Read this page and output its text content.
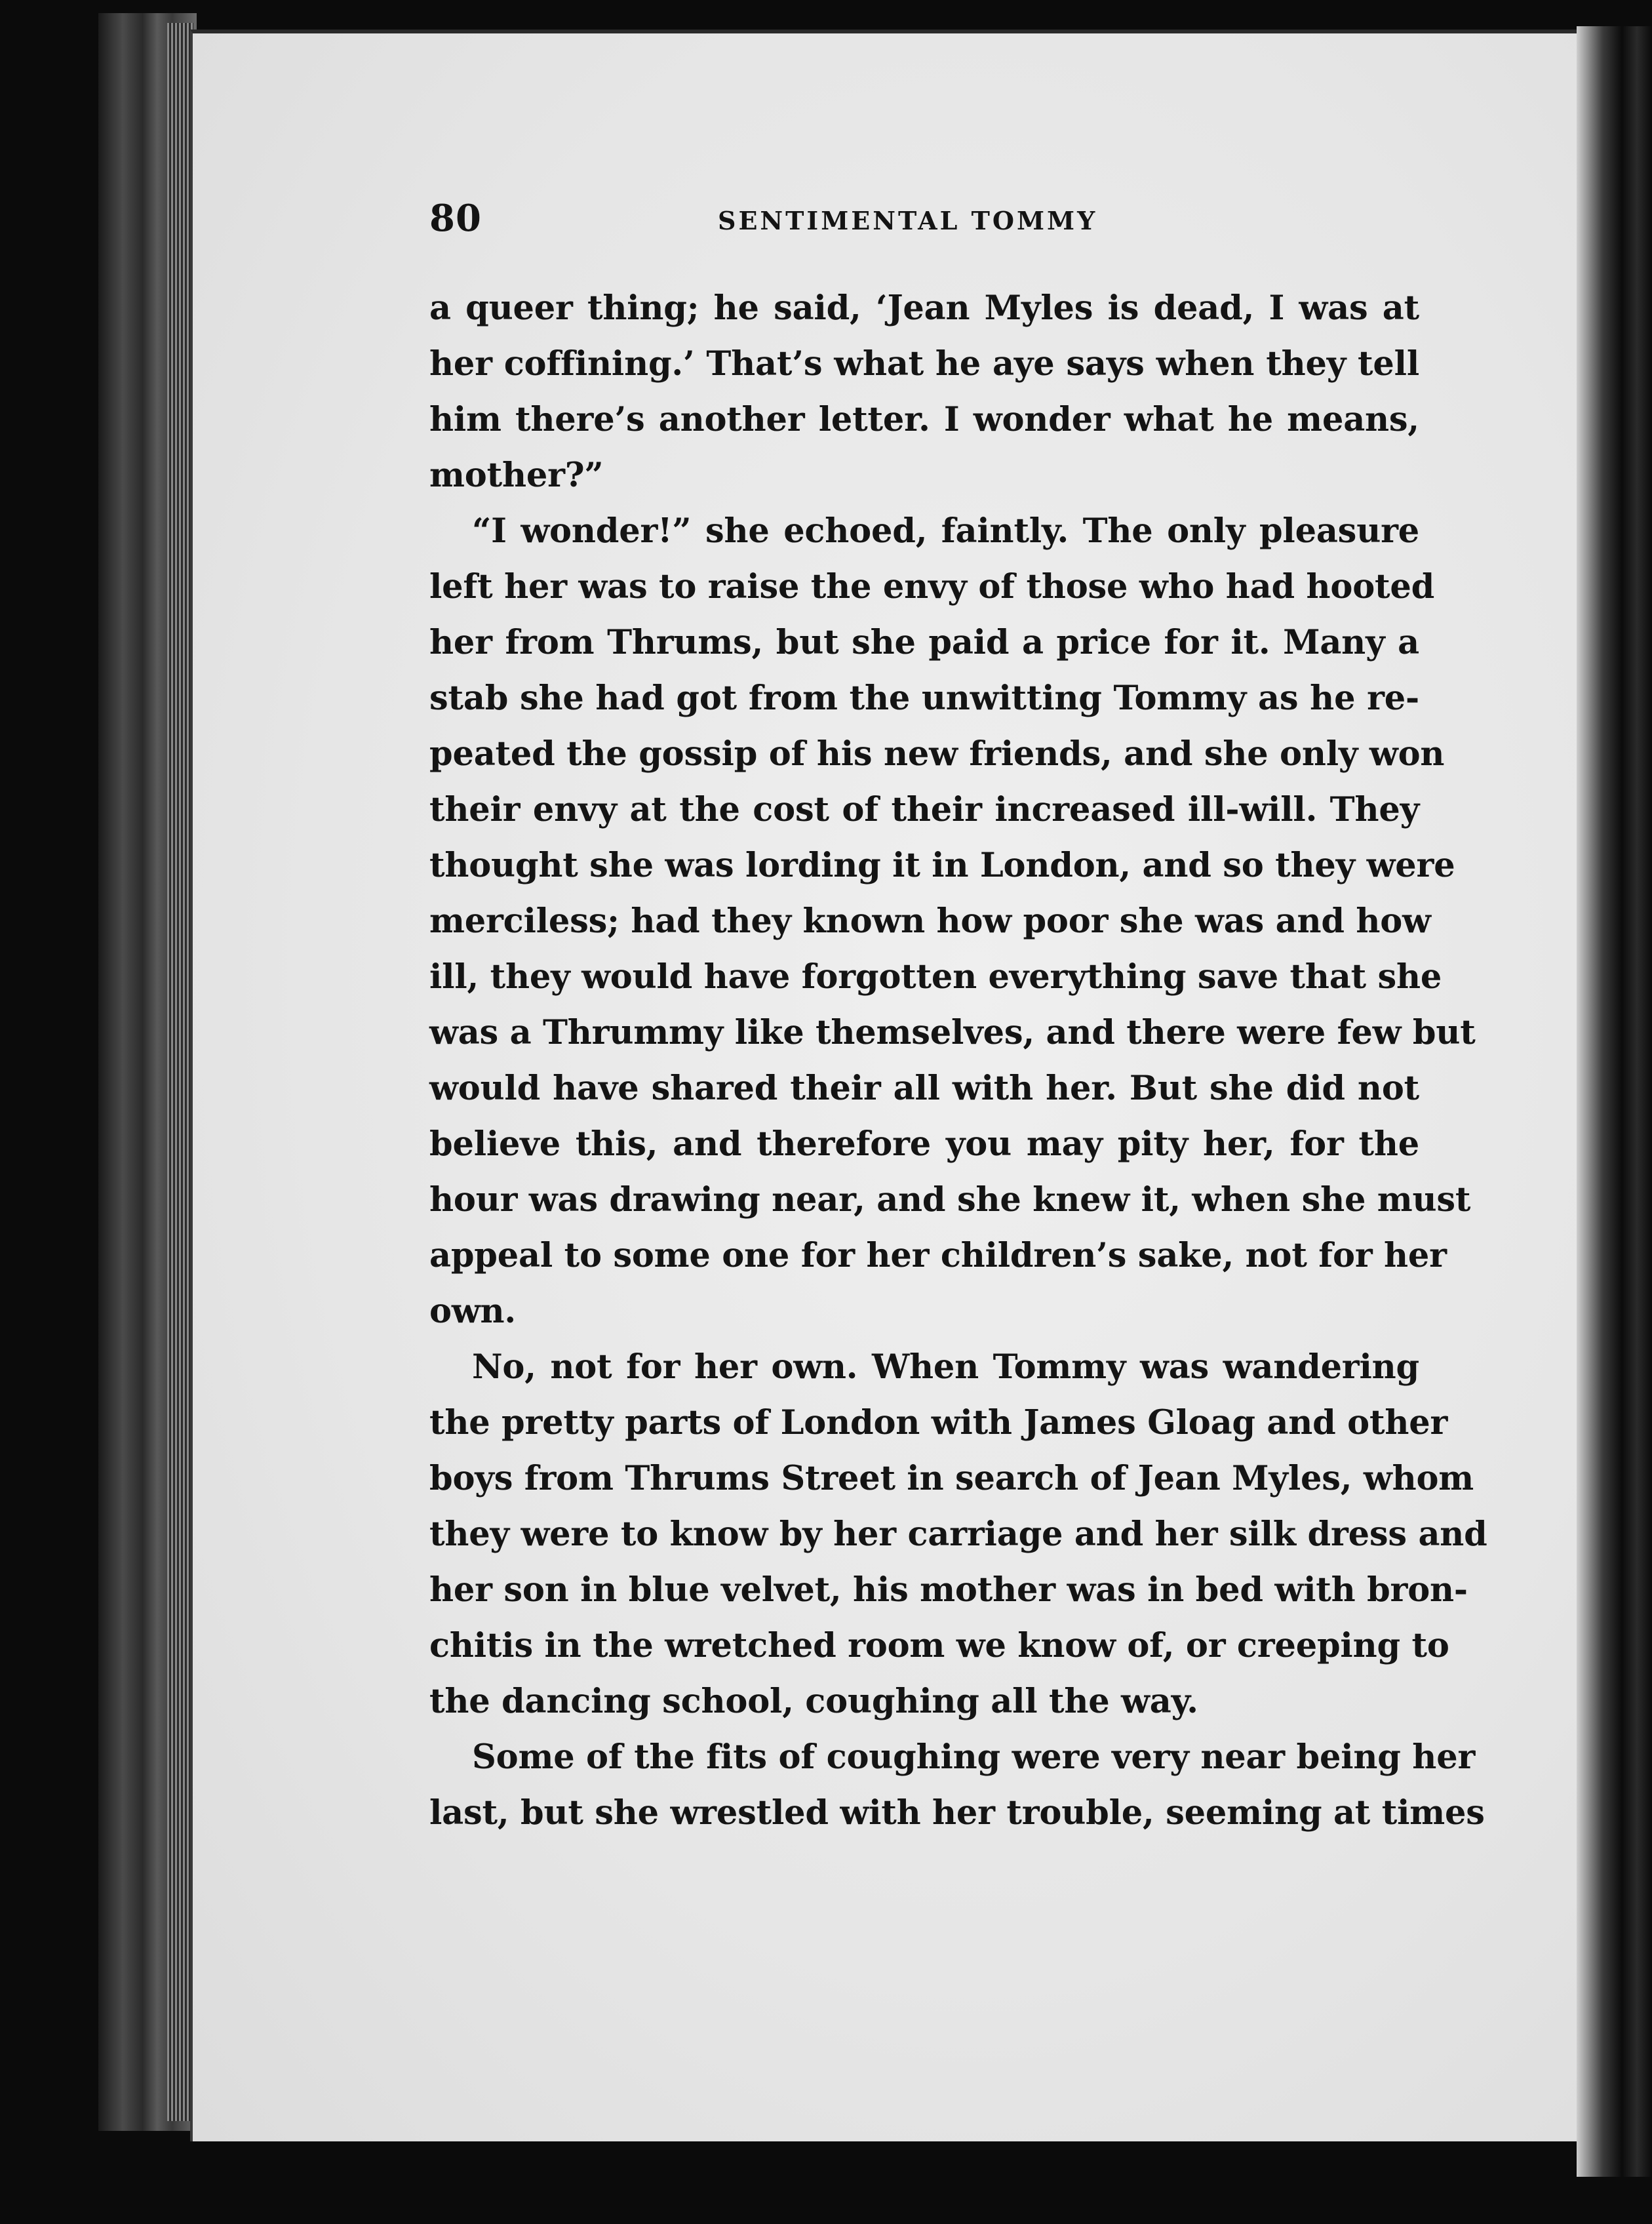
80	SENTIMENTAL TOMMY
a queer thing; he said, ‘Jean Myles is dead, I was at
her coffining.’ That’s what he aye says when they tell
him there’s another letter. I wonder what he means,
mother?”
“I wonder!” she echoed, faintly. The only pleasure
left her was to raise the envy of those who had hooted
her from Thrums, but she paid a price for it. Many a
stab she had got from the unwitting Tommy as he re-
peated the gossip of his new friends, and she only won
their envy at the cost of their increased ill-will. They
thought she was lording it in London, and so they were
merciless; had they known how poor she was and how
ill, they would have forgotten everything save that she
was a Thrummy like themselves, and there were few but
would have shared their all with her. But she did not
believe this, and therefore you may pity her, for the
hour was drawing near, and she knew it, when she must
appeal to some one for her children’s sake, not for her
own.
No, not for her own. When Tommy was wandering
the pretty parts of London with James Gloag and other
boys from Thrums Street in search of Jean Myles, whom
they were to know by her carriage and her silk dress and
her son in blue velvet, his mother was in bed with bron-
chitis in the wretched room we know of, or creeping to
the dancing school, coughing all the way.
Some of the fits of coughing were very near being her
last, but she wrestled with her trouble, seeming at times
